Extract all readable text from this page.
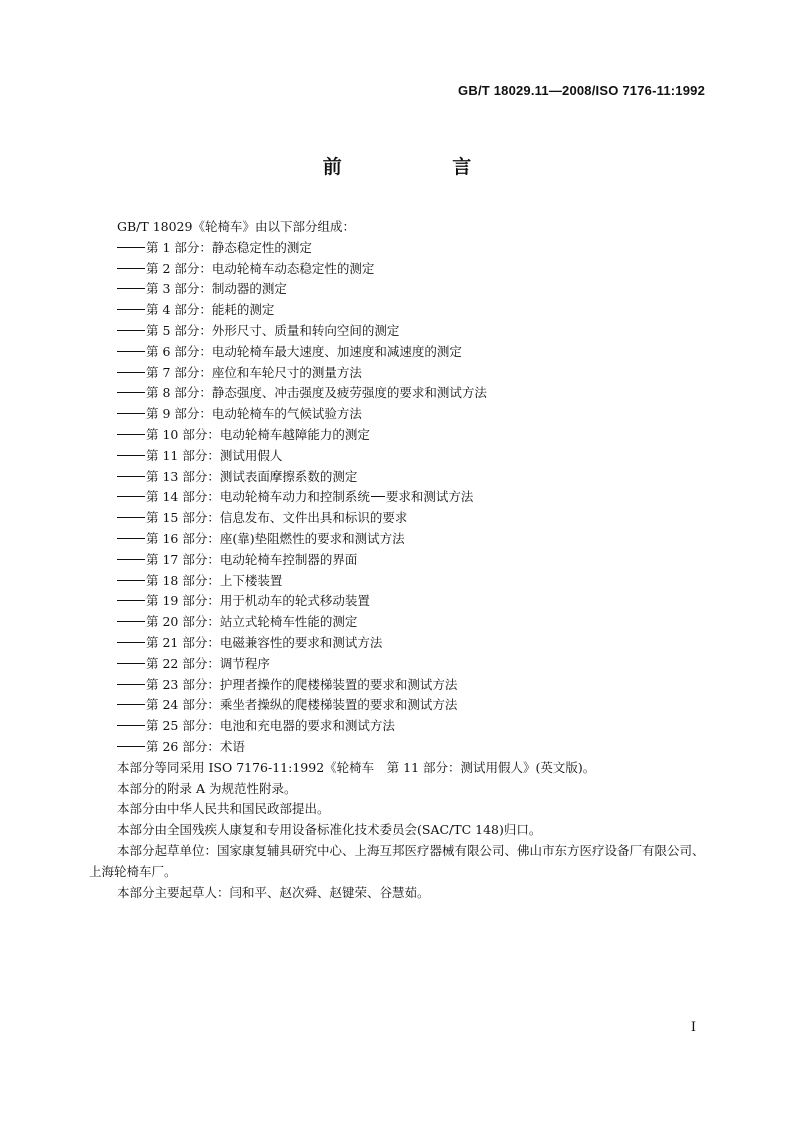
GB/T 18029.11—2008/ISO 7176-11:1992
前 言

GB/T 18029《轮椅车》由以下部分组成：

第 1 部分：静态稳定性的测定
第 2 部分：电动轮椅车动态稳定性的测定
第 3 部分：制动器的测定
第 4 部分：能耗的测定
第 5 部分：外形尺寸、质量和转向空间的测定
第 6 部分：电动轮椅车最大速度、加速度和减速度的测定
第 7 部分：座位和车轮尺寸的测量方法
第 8 部分：静态强度、冲击强度及疲劳强度的要求和测试方法
第 9 部分：电动轮椅车的气候试验方法
第 10 部分：电动轮椅车越障能力的测定
第 11 部分：测试用假人
第 13 部分：测试表面摩擦系数的测定
第 14 部分：电动轮椅车动力和控制系统 要求和测试方法
第 15 部分：信息发布、文件出具和标识的要求
第 16 部分：座(靠)垫阻燃性的要求和测试方法
第 17 部分：电动轮椅车控制器的界面
第 18 部分：上下楼装置
第 19 部分：用于机动车的轮式移动装置
第 20 部分：站立式轮椅车性能的测定
第 21 部分：电磁兼容性的要求和测试方法
第 22 部分：调节程序
第 23 部分：护理者操作的爬楼梯装置的要求和测试方法
第 24 部分：乘坐者操纵的爬楼梯装置的要求和测试方法
第 25 部分：电池和充电器的要求和测试方法
第 26 部分：术语

本部分等同采用 ISO 7176-11:1992《轮椅车　第 11 部分：测试用假人》(英文版)。

本部分的附录 A 为规范性附录。

本部分由中华人民共和国民政部提出。

本部分由全国残疾人康复和专用设备标准化技术委员会(SAC/TC 148)归口。

本部分起草单位：国家康复辅具研究中心、上海互邦医疗器械有限公司、佛山市东方医疗设备厂有限公司、上海轮椅车厂。

本部分主要起草人：闫和平、赵次舜、赵键荣、谷慧茹。

I
